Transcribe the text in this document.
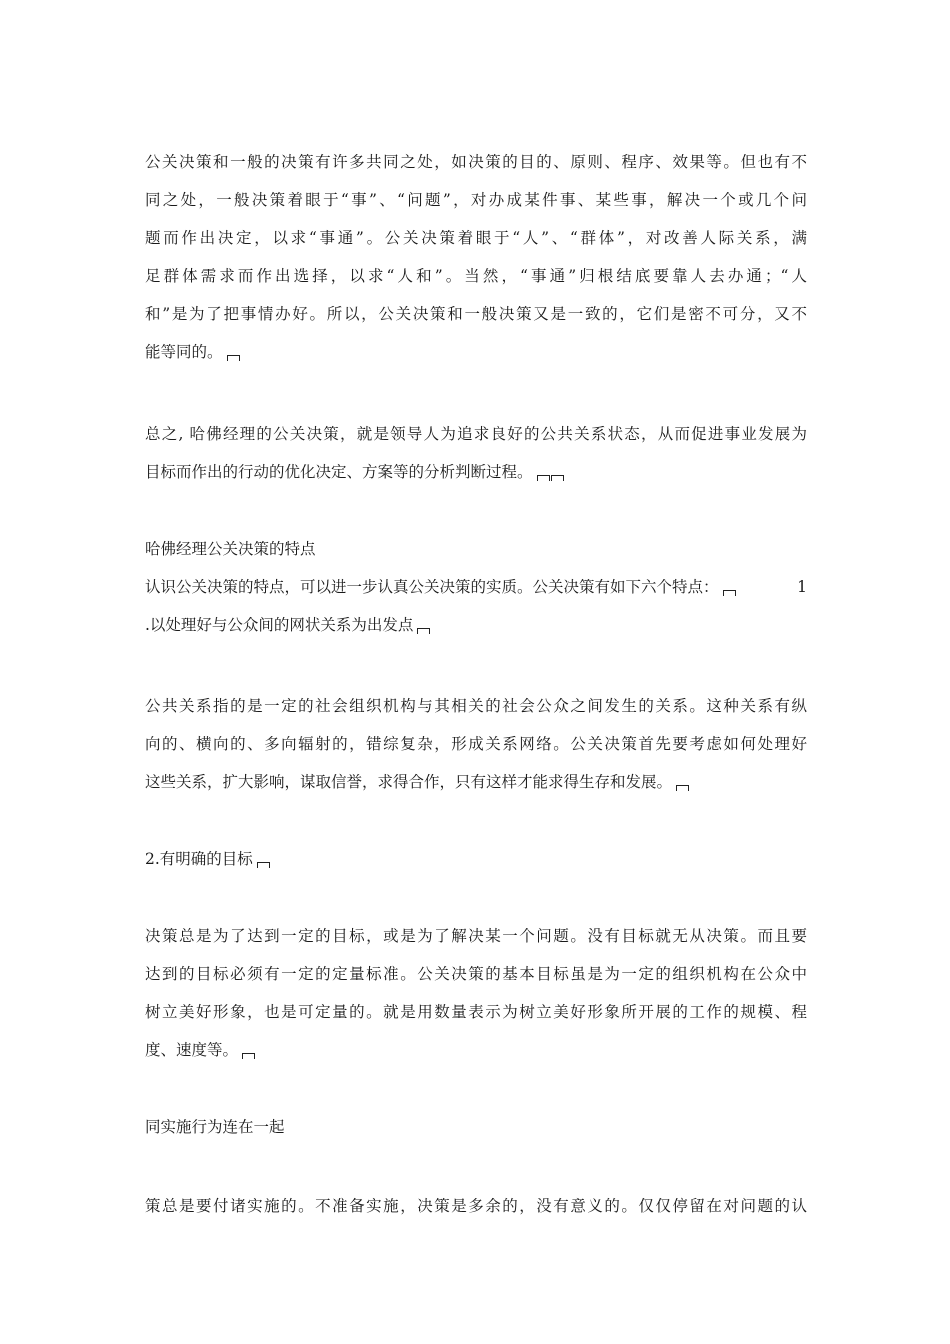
公关决策和一般的决策有许多共同之处，如决策的目的、原则、程序、效果等。但也有不
同之处，一般决策着眼于“事”、“问题”，对办成某件事、某些事，解决一个或几个问
题而作出决定，以求“事通”。公关决策着眼于“人”、“群体”，对改善人际关系，满
足群体需求而作出选择，以求“人和”。当然，“事通”归根结底要靠人去办通；“人
和”是为了把事情办好。所以，公关决策和一般决策又是一致的，它们是密不可分，又不
能等同的。
总之, 哈佛经理的公关决策，就是领导人为追求良好的公共关系状态，从而促进事业发展为
目标而作出的行动的优化决定、方案等的分析判断过程。
哈佛经理公关决策的特点
认识公关决策的特点，可以进一步认真公关决策的实质。公关决策有如下六个特点：	1
.以处理好与公众间的网状关系为出发点
公共关系指的是一定的社会组织机构与其相关的社会公众之间发生的关系。这种关系有纵
向的、横向的、多向辐射的，错综复杂，形成关系网络。公关决策首先要考虑如何处理好
这些关系，扩大影响，谋取信誉，求得合作，只有这样才能求得生存和发展。
2.有明确的目标
决策总是为了达到一定的目标，或是为了解决某一个问题。没有目标就无从决策。而且要
达到的目标必须有一定的定量标准。公关决策的基本目标虽是为一定的组织机构在公众中
树立美好形象，也是可定量的。就是用数量表示为树立美好形象所开展的工作的规模、程
度、速度等。
同实施行为连在一起
策总是要付诸实施的。不准备实施，决策是多余的，没有意义的。仅仅停留在对问题的认
